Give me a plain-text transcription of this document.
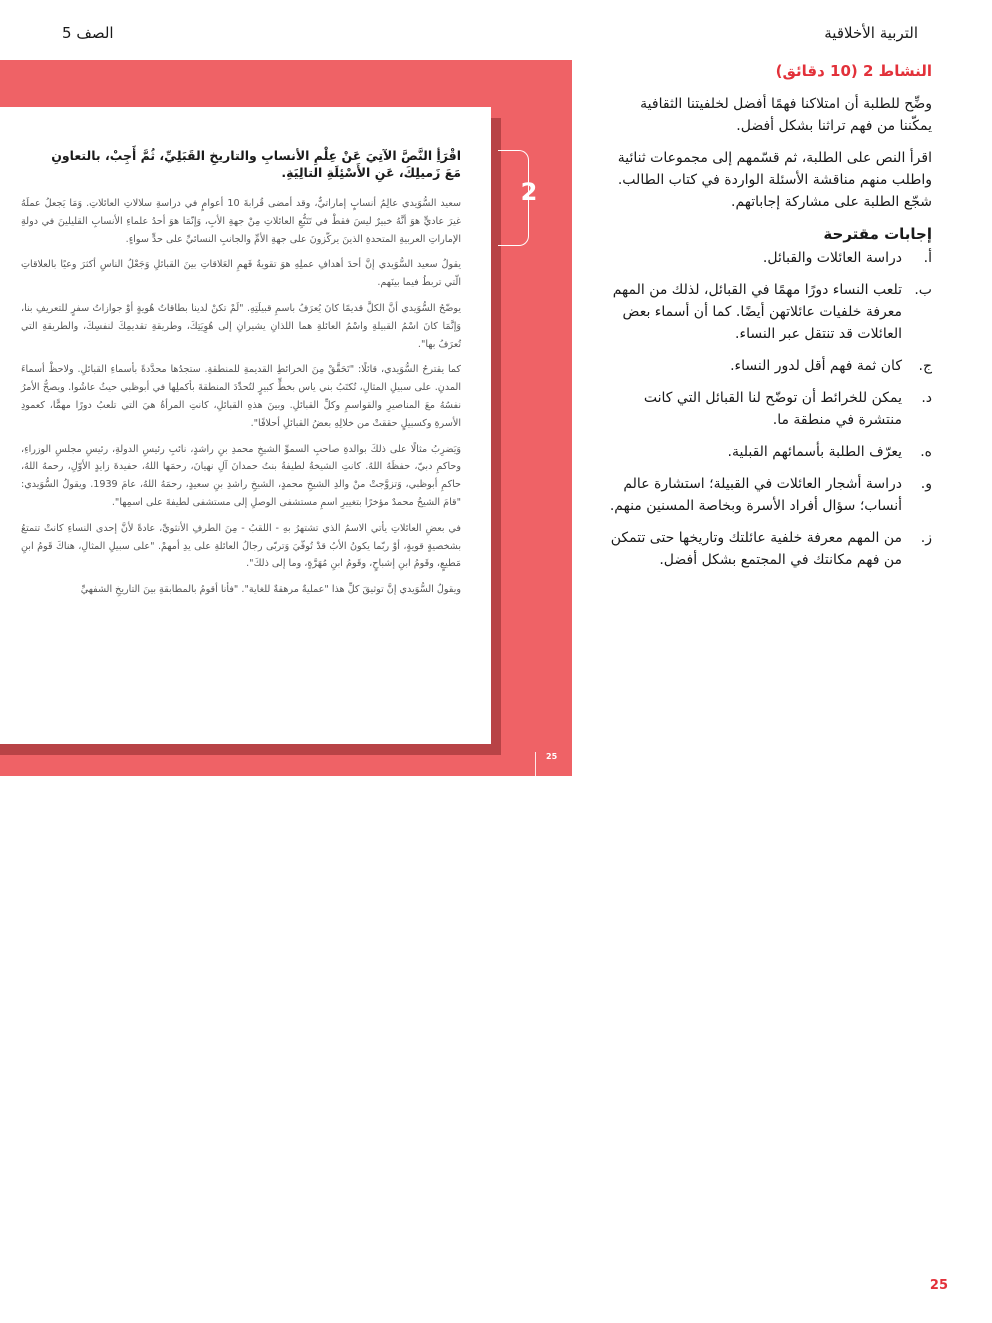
التربية الأخلاقية
الصف 5
اقْرَأِ النَّصَّ الآتِيَ عَنْ عِلْمِ الأنسابِ والتاريخِ القَبَلِيِّ، ثُمَّ أَجِبْ، بالتعاونِ مَعَ زَميلِكَ، عَنِ الأَسْئِلَةِ التالِيَةِ.

سعيد السُّوَيدي عالِمُ أنسابٍ إماراتيٌّ، وقد أمضى قُرابةَ 10 أعوامٍ في دراسةِ سلالاتِ العائلاتِ. وَمَا يَجعلُ عملَهُ غيرَ عاديٍّ هوَ أنَّهُ خبيرٌ ليسَ فقطْ في تَتَبُّعِ العائلاتِ مِنْ جهةِ الأبِ، وَإنّمَا هوَ أحدُ علماءِ الأنسابِ القليلينَ في دولةِ الإماراتِ العربيةِ المتحدةِ الذينَ يركّزونَ على جهةِ الأمِّ والجانبِ النسائيِّ على حدٍّ سواءٍ.

يقولُ سعيد السُّوَيدي إنَّ أحدَ أهدافِ عملِهِ هوَ تقويةُ فَهمِ العَلاقاتِ بينَ القبائلِ وَجَعْلُ الناسِ أكثرَ وعيًا بالعلاقاتِ الّتي تربطُ فيما بينَهم.

يوضّحُ السُّوَيدي أنَّ الكلَّ قديمًا كانَ يُعرَفُ باسمِ قبيلَتِهِ. "لَمْ تكنْ لدينا بطاقاتُ هُويةٍ أوْ جوازاتُ سفرٍ للتعريفِ بنا، وَإنَّمَا كانَ اسْمُ القبيلةِ واسْمُ العائلةِ هما اللذانِ يشيرانِ إلى هُوِيَتِكَ، وطريقةِ تقديمِكَ لنفسِكَ، والطريقةِ التي تُعرَفُ بها".

كما يقترحُ السُّوَيدي، قائلًا: "تَحَقَّقْ مِنَ الخرائطِ القديمةِ للمنطقةِ. ستجدُها محدَّدةً بأسماءِ القبائلِ. ولاحظْ أسماءَ المدنِ. على سبيلِ المثالِ، تُكتَبُ بني ياس بخطٍّ كبيرٍ لتُحدِّدَ المنطقةَ بأكملِها في أبوظبي حيثُ عاشُوا. ويصحُّ الأمرُ نفسُهُ معَ المناصيرِ والقواسمِ وكلِّ القبائلِ. وبينَ هذهِ القبائلِ، كانتِ المرأةُ هيَ التي تلعبُ دورًا مهمًّا، كعمودِ الأسرةِ وكسبيلٍ حققتْ من خلالِهِ بعضُ القبائلِ أحلافًا".

وَيَضرِبُ مثالًا على ذلكَ بوالدةِ صاحبِ السموِّ الشيخِ محمدِ بنِ راشدٍ، نائبِ رئيسِ الدولةِ، رئيسِ مجلسِ الوزراءِ، وحاكمِ دبيّ، حفظَهُ اللهُ. كانتِ الشيخةُ لطيفةُ بنتُ حمدانَ آلِ نهيانَ، رحمَها اللهُ، حفيدةَ زايدٍ الأوّلِ، رحمهُ اللهُ، حاكمِ أبوظبي، وَتزوَّجتْ منْ والدِ الشيخِ محمدٍ، الشيخِ راشدِ بنِ سعيدٍ، رحمَهُ اللهُ، عامَ 1939. ويقولُ السُّوَيدي: "قامَ الشيخُ محمدٌ مؤخرًا بتغييرِ اسمِ مستشفى الوصلِ إلى مستشفى لطيفةَ على اسمِها".

في بعضِ العائلاتِ يأتي الاسمُ الذي تشتهرُ بهِ - اللقبُ - مِنَ الطرفِ الأنثويِّ، عادةً لأنَّ إحدى النساءِ كانتْ تتمتعُ بشخصيةٍ قويةٍ، أوْ ربّما يكونُ الأبُ قدْ تُوفّيَ وَتربّى رجالُ العائلةِ على يدِ أمهمْ. "على سبيلِ المثالِ، هناكَ قَومُ ابنِ مَطيعٍ، وقَومُ ابنِ إشباحٍ، وقَومُ ابنِ مُهَرَّةٍ، وما إلى ذلكَ".

ويقولُ السُّوَيدي إنَّ توثيقَ كلِّ هذا "عمليةٌ مرهقةٌ للغاية". "فأنا أقومُ بالمطابقةِ بينَ التاريخِ الشفهيِّ

2
25
النشاط 2 (10 دقائق)

وضِّح للطلبة أن امتلاكنا فهمًا أفضل لخلفيتنا الثقافية يمكّننا من فهم تراثنا بشكل أفضل.

اقرأ النص على الطلبة، ثم قسّمهم إلى مجموعات ثنائية واطلب منهم مناقشة الأسئلة الواردة في كتاب الطالب. شجّع الطلبة على مشاركة إجاباتهم.

إجابات مقترحة
أ.
دراسة العائلات والقبائل.
ب.
تلعب النساء دورًا مهمًا في القبائل، لذلك من المهم معرفة خلفيات عائلاتهن أيضًا. كما أن أسماء بعض العائلات قد تنتقل عبر النساء.
ج.
كان ثمة فهم أقل لدور النساء.
د.
يمكن للخرائط أن توضّح لنا القبائل التي كانت منتشرة في منطقة ما.
ه.
يعرّف الطلبة بأسمائهم القبلية.
و.
دراسة أشجار العائلات في القبيلة؛ استشارة عالم أنساب؛ سؤال أفراد الأسرة وبخاصة المسنين منهم.
ز.
من المهم معرفة خلفية عائلتك وتاريخها حتى تتمكن من فهم مكانتك في المجتمع بشكل أفضل.
25
